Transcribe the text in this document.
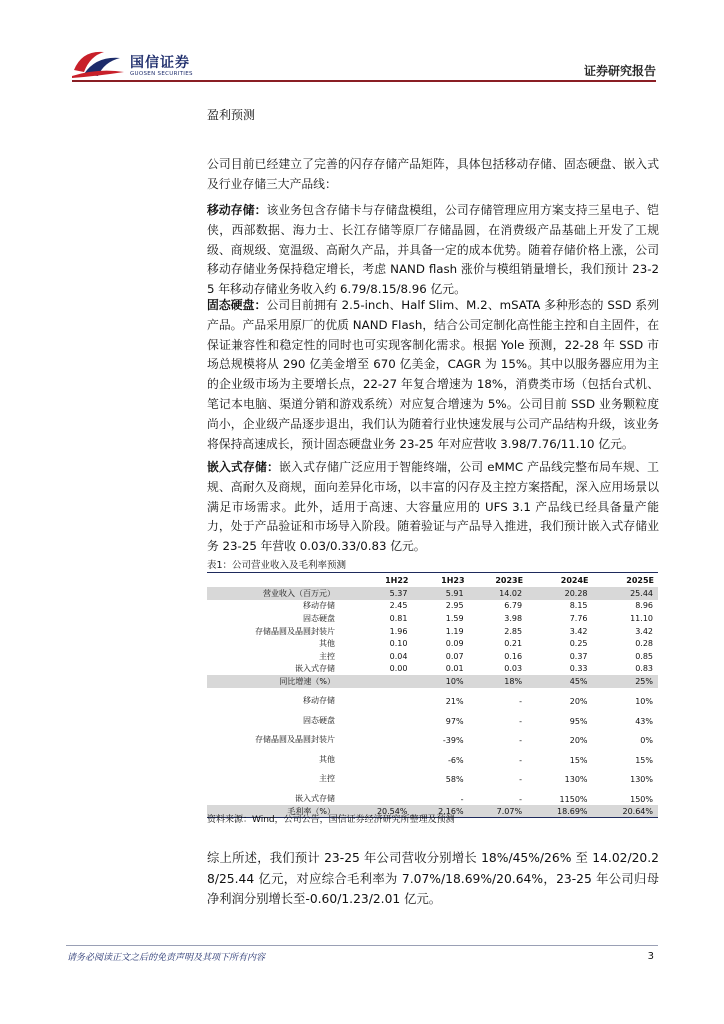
国信证券
GUOSEN SECURITIES	证券研究报告
盈利预测

公司目前已经建立了完善的闪存存储产品矩阵，具体包括移动存储、固态硬盘、嵌入式及行业存储三大产品线：

移动存储：该业务包含存储卡与存储盘模组，公司存储管理应用方案支持三星电子、铠侠，西部数据、海力士、长江存储等原厂存储晶圆，在消费级产品基础上开发了工规级、商规级、宽温级、高耐久产品，并具备一定的成本优势。随着存储价格上涨，公司移动存储业务保持稳定增长，考虑 NAND flash 涨价与模组销量增长，我们预计 23-25 年移动存储业务收入约 6.79/8.15/8.96 亿元。

固态硬盘：公司目前拥有 2.5-inch、Half Slim、M.2、mSATA 多种形态的 SSD 系列产品。产品采用原厂的优质 NAND Flash，结合公司定制化高性能主控和自主固件，在保证兼容性和稳定性的同时也可实现客制化需求。根据 Yole 预测，22-28 年 SSD 市场总规模将从 290 亿美金增至 670 亿美金，CAGR 为 15%。其中以服务器应用为主的企业级市场为主要增长点，22-27 年复合增速为 18%，消费类市场（包括台式机、笔记本电脑、渠道分销和游戏系统）对应复合增速为 5%。公司目前 SSD 业务颗粒度尚小，企业级产品逐步退出，我们认为随着行业快速发展与公司产品结构升级，该业务将保持高速成长，预计固态硬盘业务 23-25 年对应营收 3.98/7.76/11.10 亿元。

嵌入式存储：嵌入式存储广泛应用于智能终端，公司 eMMC 产品线完整布局车规、工规、高耐久及商规，面向差异化市场，以丰富的闪存及主控方案搭配，深入应用场景以满足市场需求。此外，适用于高速、大容量应用的 UFS 3.1 产品线已经具备量产能力，处于产品验证和市场导入阶段。随着验证与产品导入推进，我们预计嵌入式存储业务 23-25 年营收 0.03/0.33/0.83 亿元。

表1：公司营业收入及毛利率预测
	1H22	1H23	2023E	2024E	2025E
营业收入（百万元）	5.37	5.91	14.02	20.28	25.44
移动存储	2.45	2.95	6.79	8.15	8.96
固态硬盘	0.81	1.59	3.98	7.76	11.10
存储晶圆及晶圆封装片	1.96	1.19	2.85	3.42	3.42
其他	0.10	0.09	0.21	0.25	0.28
主控	0.04	0.07	0.16	0.37	0.85
嵌入式存储	0.00	0.01	0.03	0.33	0.83
同比增速（%）		10%	18%	45%	25%
移动存储		21%	-	20%	10%
固态硬盘		97%	-	95%	43%
存储晶圆及晶圆封装片		-39%	-	20%	0%
其他		-6%	-	15%	15%
主控		58%	-	130%	130%
嵌入式存储		-	-	1150%	150%
毛利率（%）	20.54%	2.16%	7.07%	18.69%	20.64%
资料来源：Wind，公司公告，国信证券经济研究所整理及预测

综上所述，我们预计 23-25 年公司营收分别增长 18%/45%/26% 至 14.02/20.28/25.44 亿元，对应综合毛利率为 7.07%/18.69%/20.64%，23-25 年公司归母净利润分别增长至-0.60/1.23/2.01 亿元。

请务必阅读正文之后的免责声明及其项下所有内容	3
